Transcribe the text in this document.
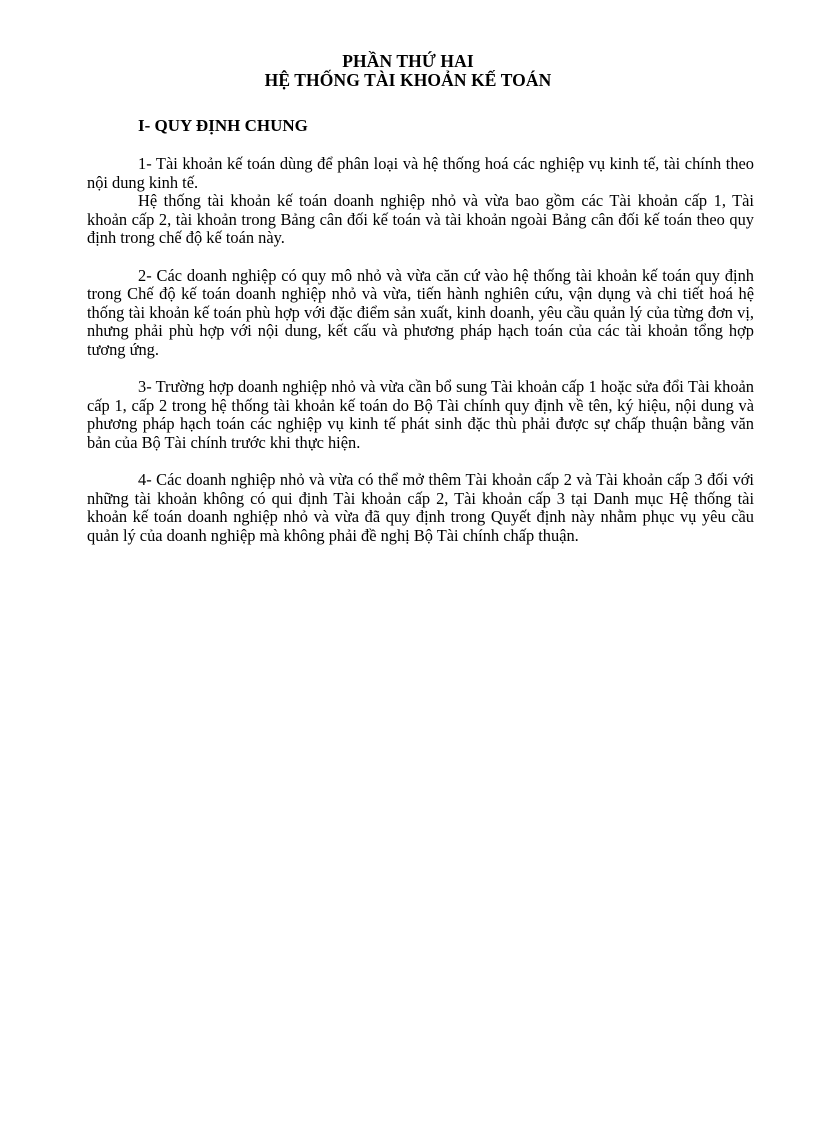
PHẦN THỨ HAI
HỆ THỐNG TÀI KHOẢN KẾ TOÁN
I- QUY ĐỊNH CHUNG

1- Tài khoản kế toán dùng để phân loại và hệ thống hoá các nghiệp vụ kinh tế, tài chính theo nội dung kinh tế.

Hệ thống tài khoản kế toán doanh nghiệp nhỏ và vừa bao gồm các Tài khoản cấp 1, Tài khoản cấp 2, tài khoản trong Bảng cân đối kế toán và tài khoản ngoài Bảng cân đối kế toán theo quy định trong chế độ kế toán này.

2- Các doanh nghiệp có quy mô nhỏ và vừa căn cứ vào hệ thống tài khoản kế toán quy định trong Chế độ kế toán doanh nghiệp nhỏ và vừa, tiến hành nghiên cứu, vận dụng và chi tiết hoá hệ thống tài khoản kế toán phù hợp với đặc điểm sản xuất, kinh doanh, yêu cầu quản lý của từng đơn vị, nhưng phải phù hợp với nội dung, kết cấu và phương pháp hạch toán của các tài khoản tổng hợp tương ứng.

3- Trường hợp doanh nghiệp nhỏ và vừa cần bổ sung Tài khoản cấp 1 hoặc sửa đổi Tài khoản cấp 1, cấp 2 trong hệ thống tài khoản kế toán do Bộ Tài chính quy định về tên, ký hiệu, nội dung và phương pháp hạch toán các nghiệp vụ kinh tế phát sinh đặc thù phải được sự chấp thuận bằng văn bản của Bộ Tài chính trước khi thực hiện.

4- Các doanh nghiệp nhỏ và vừa có thể mở thêm Tài khoản cấp 2 và Tài khoản cấp 3 đối với những tài khoản không có qui định Tài khoản cấp 2, Tài khoản cấp 3 tại Danh mục Hệ thống tài khoản kế toán doanh nghiệp nhỏ và vừa đã quy định trong Quyết định này nhằm phục vụ yêu cầu quản lý của doanh nghiệp mà không phải đề nghị Bộ Tài chính chấp thuận.
